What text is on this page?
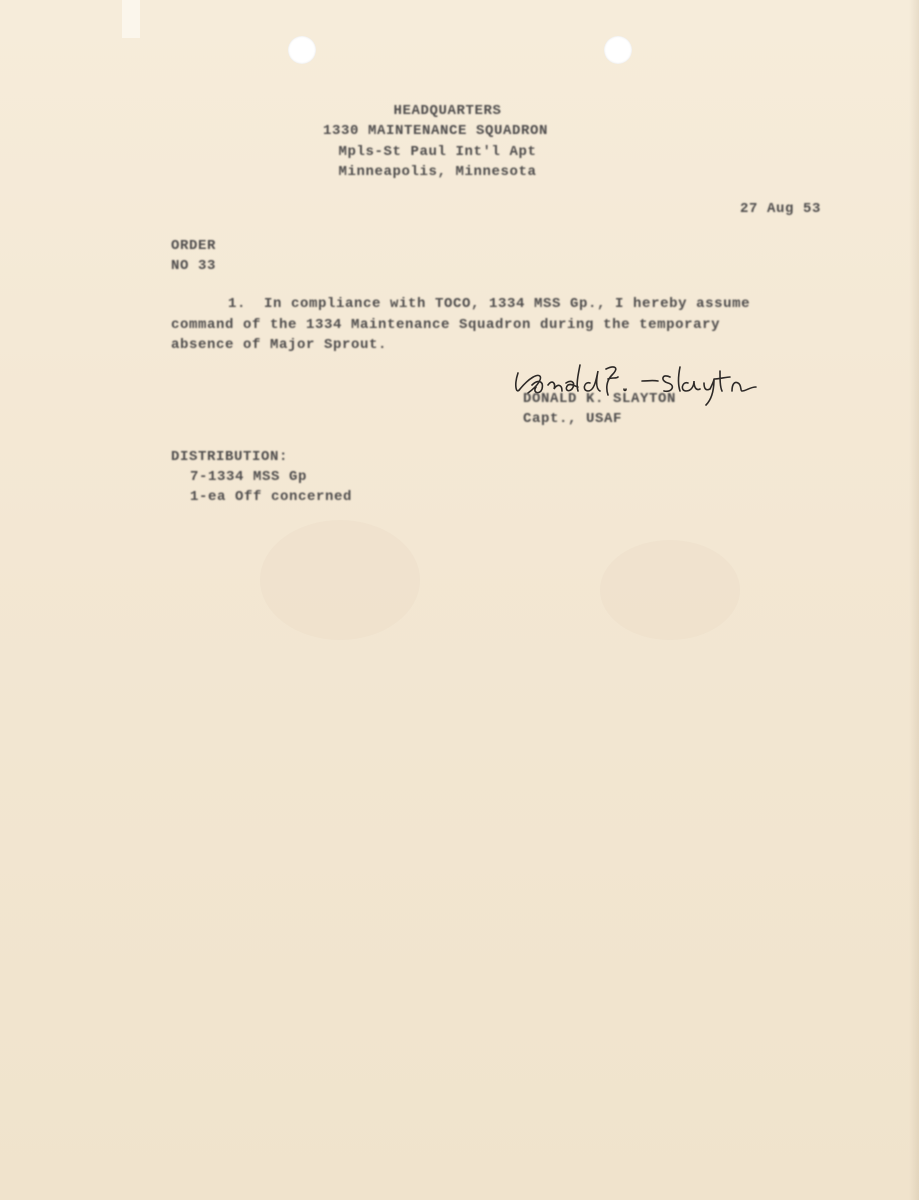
HEADQUARTERS
1330 MAINTENANCE SQUADRON
Mpls-St Paul Int'l Apt
Minneapolis, Minnesota
27 Aug 53
ORDER
NO 33
1.  In compliance with TOCO, 1334 MSS Gp., I hereby assume
command of the 1334 Maintenance Squadron during the temporary
absence of Major Sprout.
DONALD K. SLAYTON
Capt., USAF
DISTRIBUTION:
7-1334 MSS Gp
1-ea Off concerned
